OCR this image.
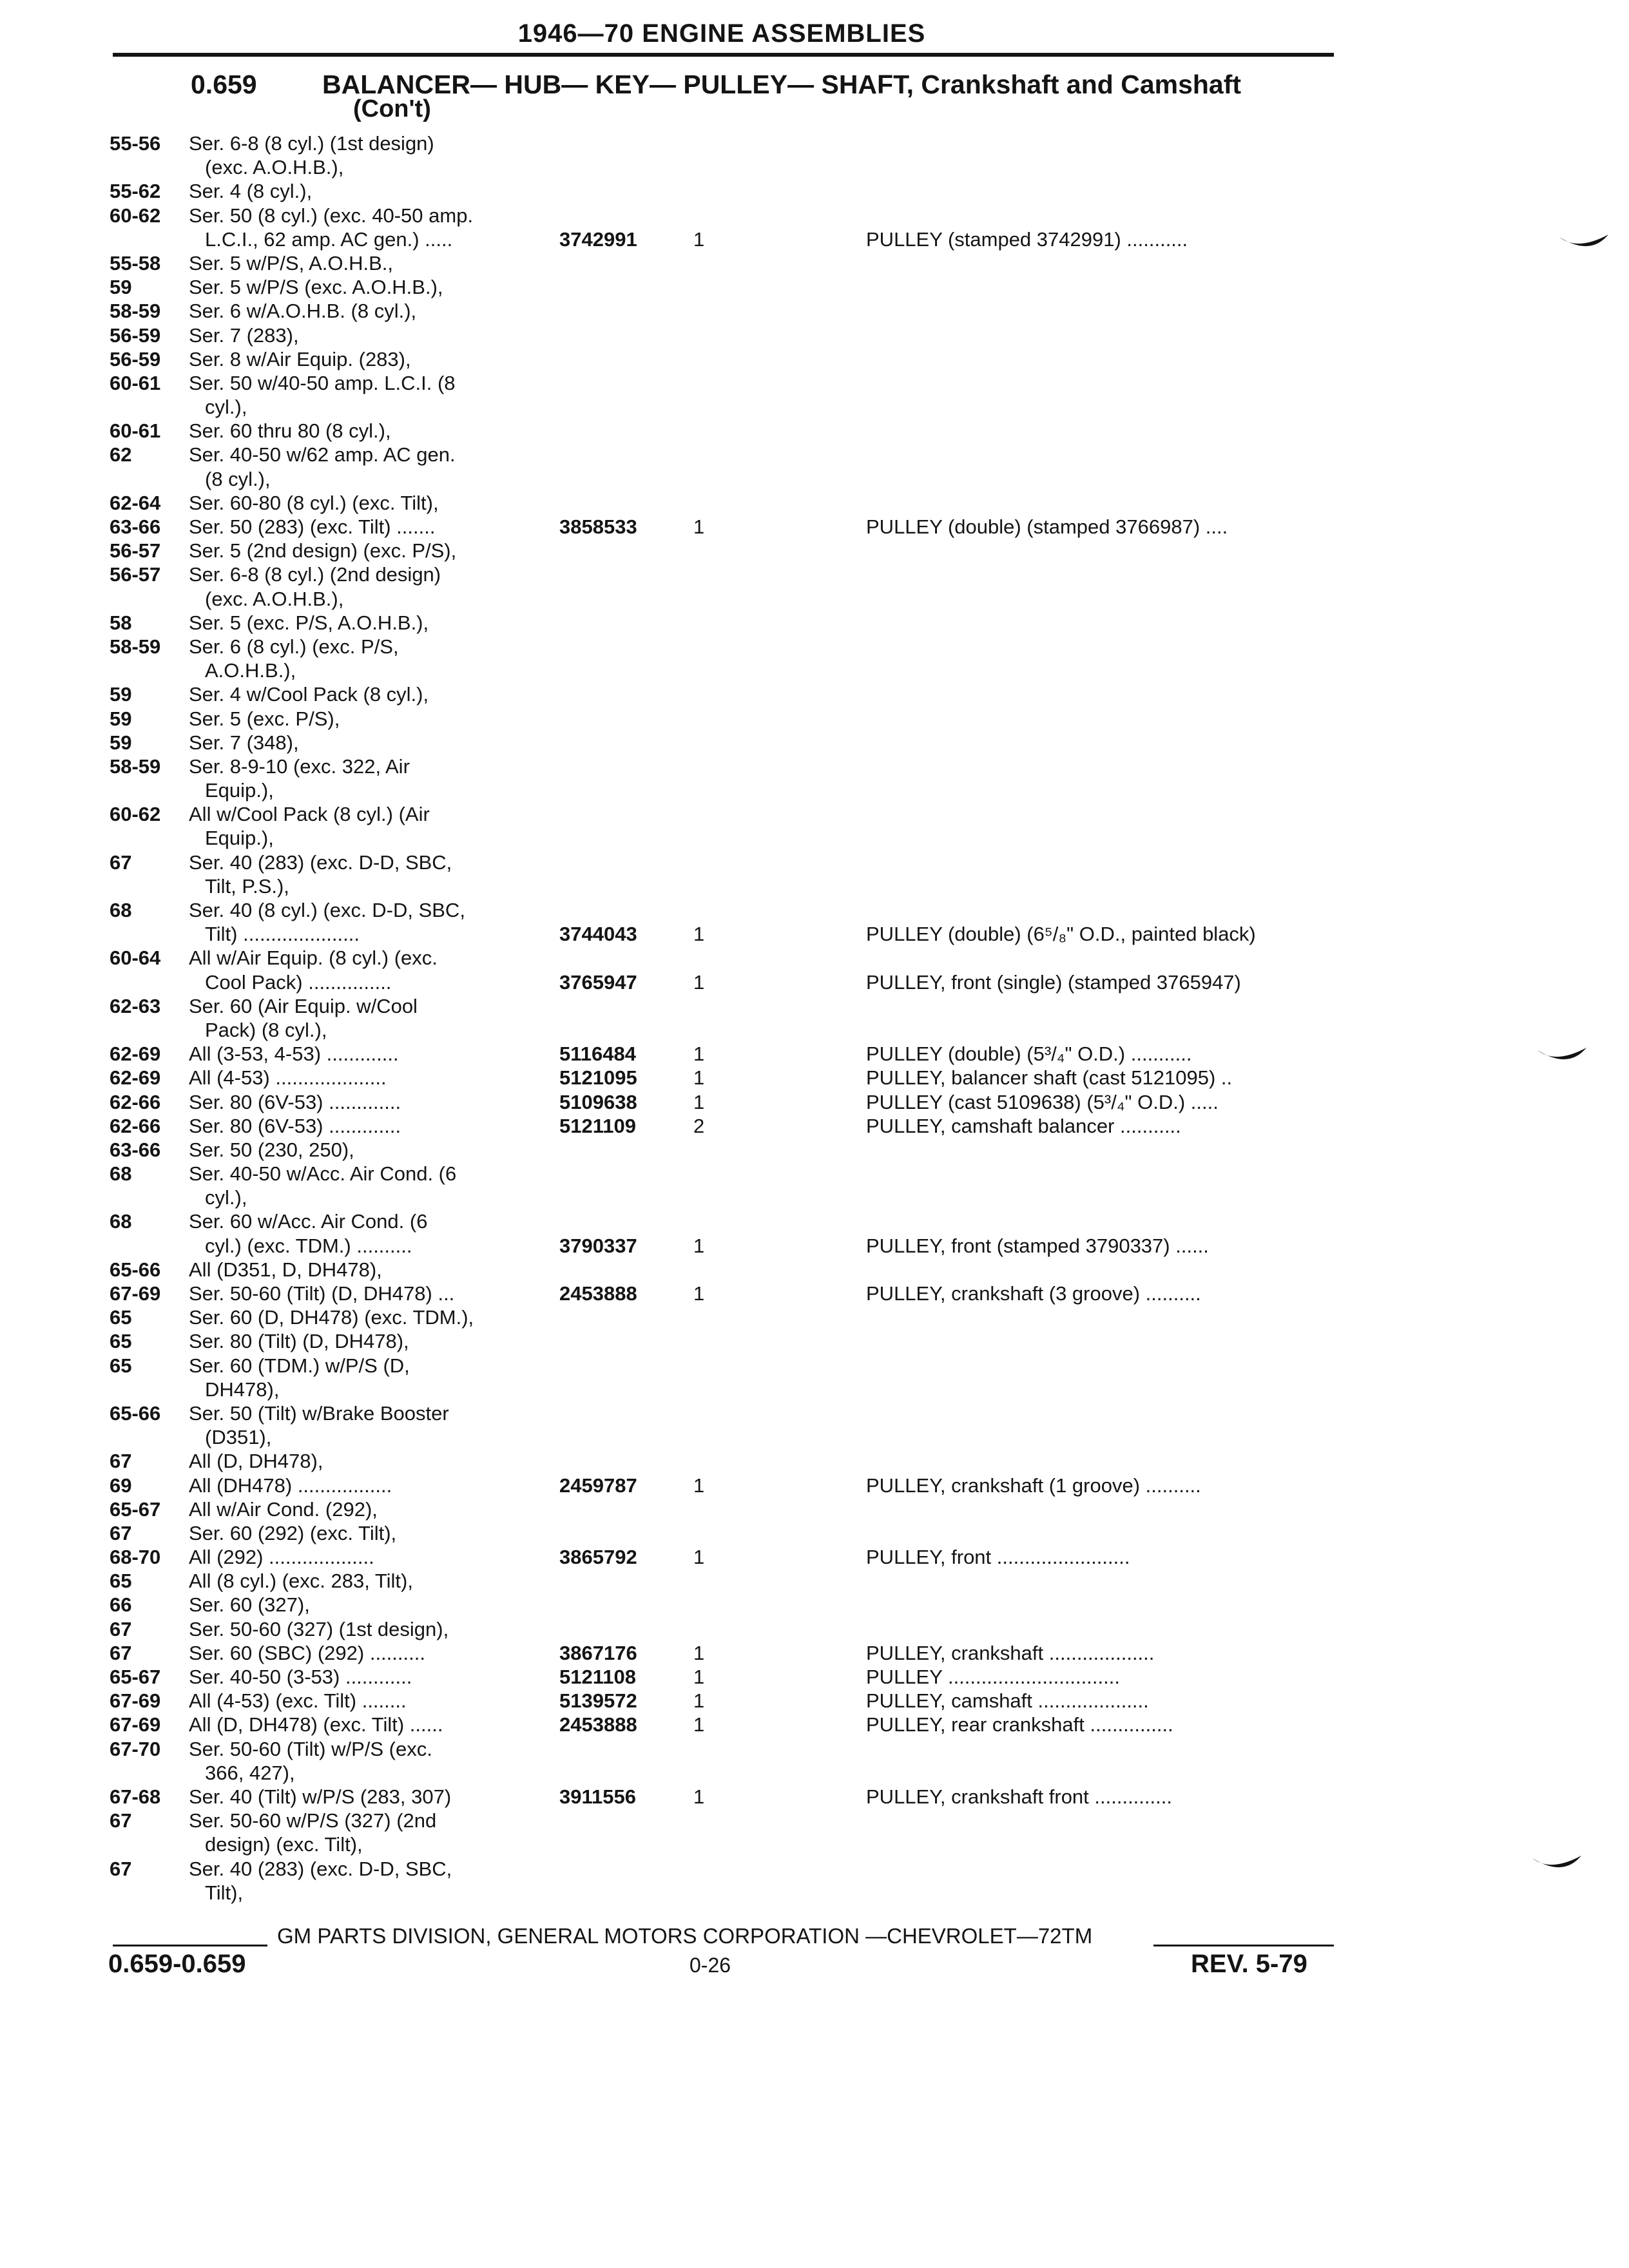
1946—70 ENGINE ASSEMBLIES
0.659 BALANCER— HUB— KEY— PULLEY— SHAFT, Crankshaft and Camshaft
(Con't)
55-56 Ser. 6-8 (8 cyl.) (1st design)
(exc. A.O.H.B.),
55-62 Ser. 4 (8 cyl.),
60-62 Ser. 50 (8 cyl.) (exc. 40-50 amp.
L.C.I., 62 amp. AC gen.) .....	3742991	1	PULLEY (stamped 3742991) ...........
55-58 Ser. 5 w/P/S, A.O.H.B.,
59	Ser. 5 w/P/S (exc. A.O.H.B.),
58-59 Ser. 6 w/A.O.H.B. (8 cyl.),
56-59 Ser. 7 (283),
56-59 Ser. 8 w/Air Equip. (283),
60-61 Ser. 50 w/40-50 amp. L.C.I. (8
cyl.),
60-61 Ser. 60 thru 80 (8 cyl.),
62	Ser. 40-50 w/62 amp. AC gen.
(8 cyl.),
62-64 Ser. 60-80 (8 cyl.) (exc. Tilt),
63-66 Ser. 50 (283) (exc. Tilt) .......	3858533	1	PULLEY (double) (stamped 3766987) ....
56-57 Ser. 5 (2nd design) (exc. P/S),
56-57 Ser. 6-8 (8 cyl.) (2nd design)
(exc. A.O.H.B.),
58	Ser. 5 (exc. P/S, A.O.H.B.),
58-59 Ser. 6 (8 cyl.) (exc. P/S,
A.O.H.B.),
59	Ser. 4 w/Cool Pack (8 cyl.),
59	Ser. 5 (exc. P/S),
59	Ser. 7 (348),
58-59 Ser. 8-9-10 (exc. 322, Air
Equip.),
60-62 All w/Cool Pack (8 cyl.) (Air
Equip.),
67	Ser. 40 (283) (exc. D-D, SBC,
Tilt, P.S.),
68	Ser. 40 (8 cyl.) (exc. D-D, SBC,
Tilt) .....................	3744043	1	PULLEY (double) (6⁵/₈" O.D., painted black)
60-64 All w/Air Equip. (8 cyl.) (exc.
Cool Pack) ...............	3765947	1	PULLEY, front (single) (stamped 3765947)
62-63 Ser. 60 (Air Equip. w/Cool
Pack) (8 cyl.),
62-69 All (3-53, 4-53) .............	5116484	1	PULLEY (double) (5³/₄" O.D.) ...........
62-69 All (4-53) ....................	5121095	1	PULLEY, balancer shaft (cast 5121095) ..
62-66 Ser. 80 (6V-53) .............	5109638	1	PULLEY (cast 5109638) (5³/₄" O.D.) .....
62-66 Ser. 80 (6V-53) .............	5121109	2	PULLEY, camshaft balancer ...........
63-66 Ser. 50 (230, 250),
68	Ser. 40-50 w/Acc. Air Cond. (6
cyl.),
68	Ser. 60 w/Acc. Air Cond. (6
cyl.) (exc. TDM.) ..........	3790337	1	PULLEY, front (stamped 3790337) ......
65-66 All (D351, D, DH478),
67-69 Ser. 50-60 (Tilt) (D, DH478) ...	2453888	1	PULLEY, crankshaft (3 groove) ..........
65	Ser. 60 (D, DH478) (exc. TDM.),
65	Ser. 80 (Tilt) (D, DH478),
65	Ser. 60 (TDM.) w/P/S (D,
DH478),
65-66 Ser. 50 (Tilt) w/Brake Booster
(D351),
67	All (D, DH478),
69	All (DH478) .................	2459787	1	PULLEY, crankshaft (1 groove) ..........
65-67 All w/Air Cond. (292),
67	Ser. 60 (292) (exc. Tilt),
68-70 All (292) ...................	3865792	1	PULLEY, front ........................
65	All (8 cyl.) (exc. 283, Tilt),
66	Ser. 60 (327),
67	Ser. 50-60 (327) (1st design),
67	Ser. 60 (SBC) (292) ..........	3867176	1	PULLEY, crankshaft ...................
65-67 Ser. 40-50 (3-53) ............	5121108	1	PULLEY ...............................
67-69 All (4-53) (exc. Tilt) ........	5139572	1	PULLEY, camshaft ....................
67-69 All (D, DH478) (exc. Tilt) ......	2453888	1	PULLEY, rear crankshaft ...............
67-70 Ser. 50-60 (Tilt) w/P/S (exc.
366, 427),
67-68 Ser. 40 (Tilt) w/P/S (283, 307)	3911556	1	PULLEY, crankshaft front ..............
67	Ser. 50-60 w/P/S (327) (2nd
design) (exc. Tilt),
67	Ser. 40 (283) (exc. D-D, SBC,
Tilt),
GM PARTS DIVISION, GENERAL MOTORS CORPORATION —CHEVROLET—72TM
0.659-0.659	0-26	REV. 5-79
